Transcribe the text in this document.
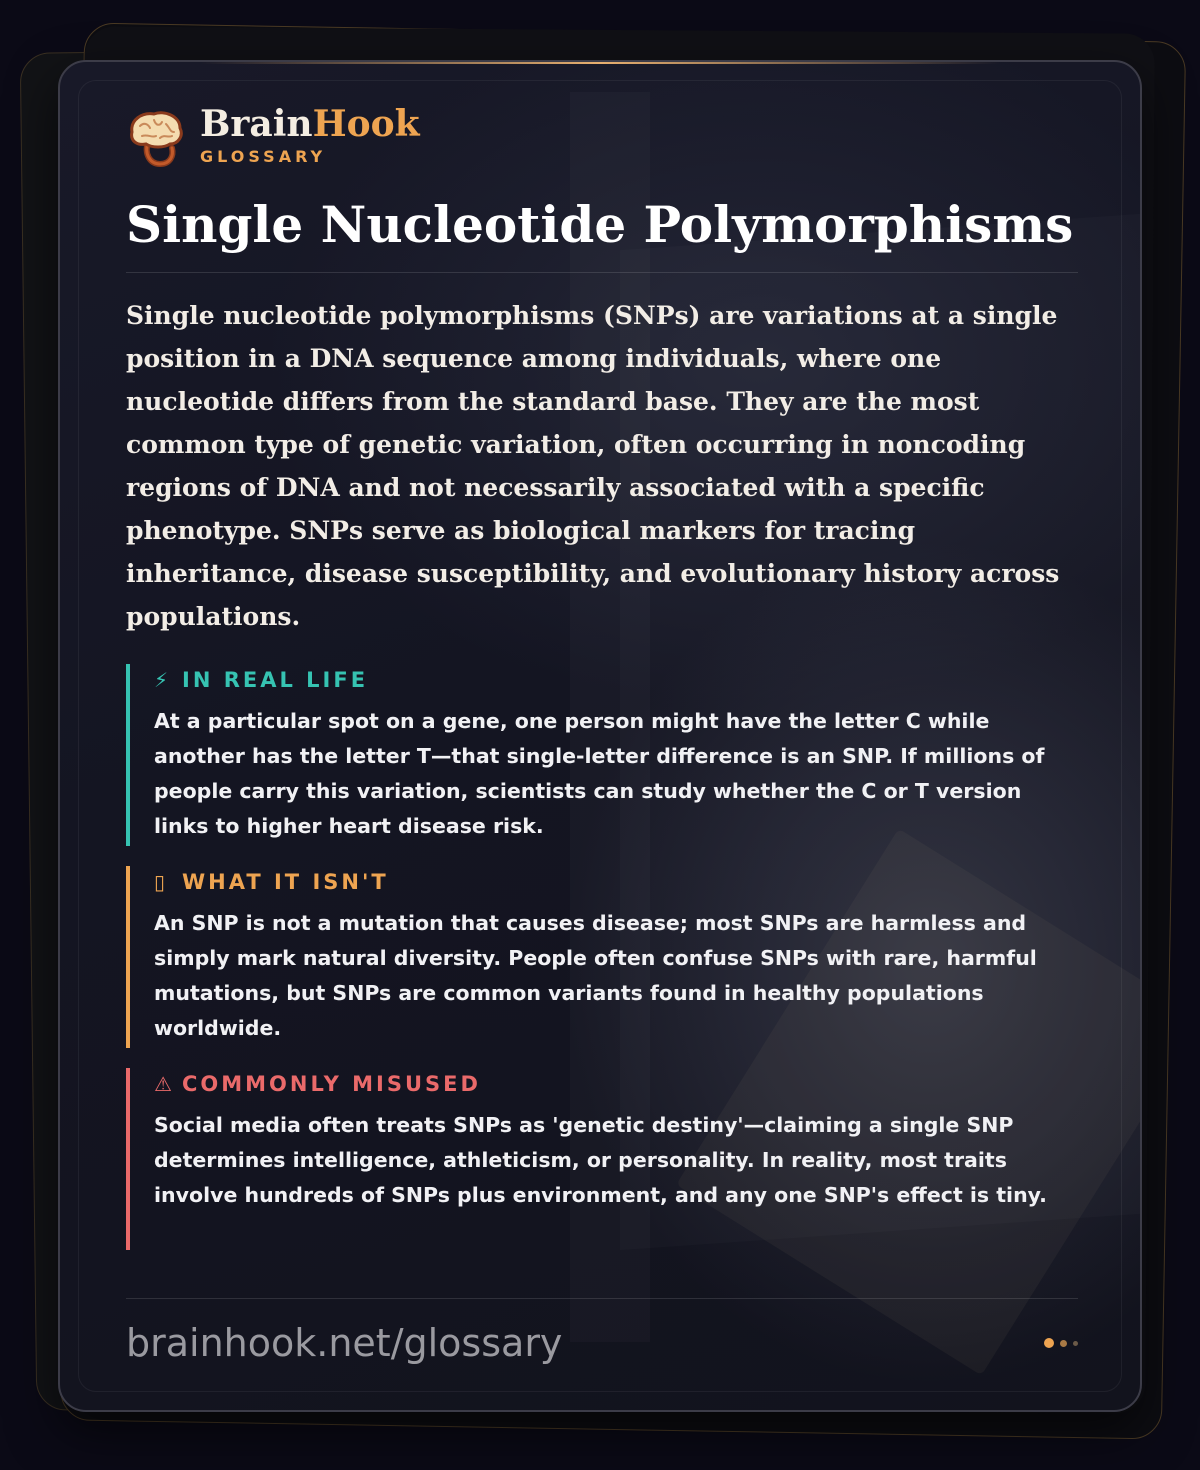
BrainHook
GLOSSARY
Single Nucleotide Polymorphisms

Single nucleotide polymorphisms (SNPs) are variations at a single position in a DNA sequence among individuals, where one nucleotide differs from the standard base. They are the most common type of genetic variation, often occurring in noncoding regions of DNA and not necessarily associated with a specific phenotype. SNPs serve as biological markers for tracing inheritance, disease susceptibility, and evolutionary history across populations.

⚡ IN REAL LIFE

At a particular spot on a gene, one person might have the letter C while another has the letter T—that single-letter difference is an SNP. If millions of people carry this variation, scientists can study whether the C or T version links to higher heart disease risk.

▯ WHAT IT ISN'T

An SNP is not a mutation that causes disease; most SNPs are harmless and simply mark natural diversity. People often confuse SNPs with rare, harmful mutations, but SNPs are common variants found in healthy populations worldwide.

⚠ COMMONLY MISUSED

Social media often treats SNPs as 'genetic destiny'—claiming a single SNP determines intelligence, athleticism, or personality. In reality, most traits involve hundreds of SNPs plus environment, and any one SNP's effect is tiny.

brainhook.net/glossary
